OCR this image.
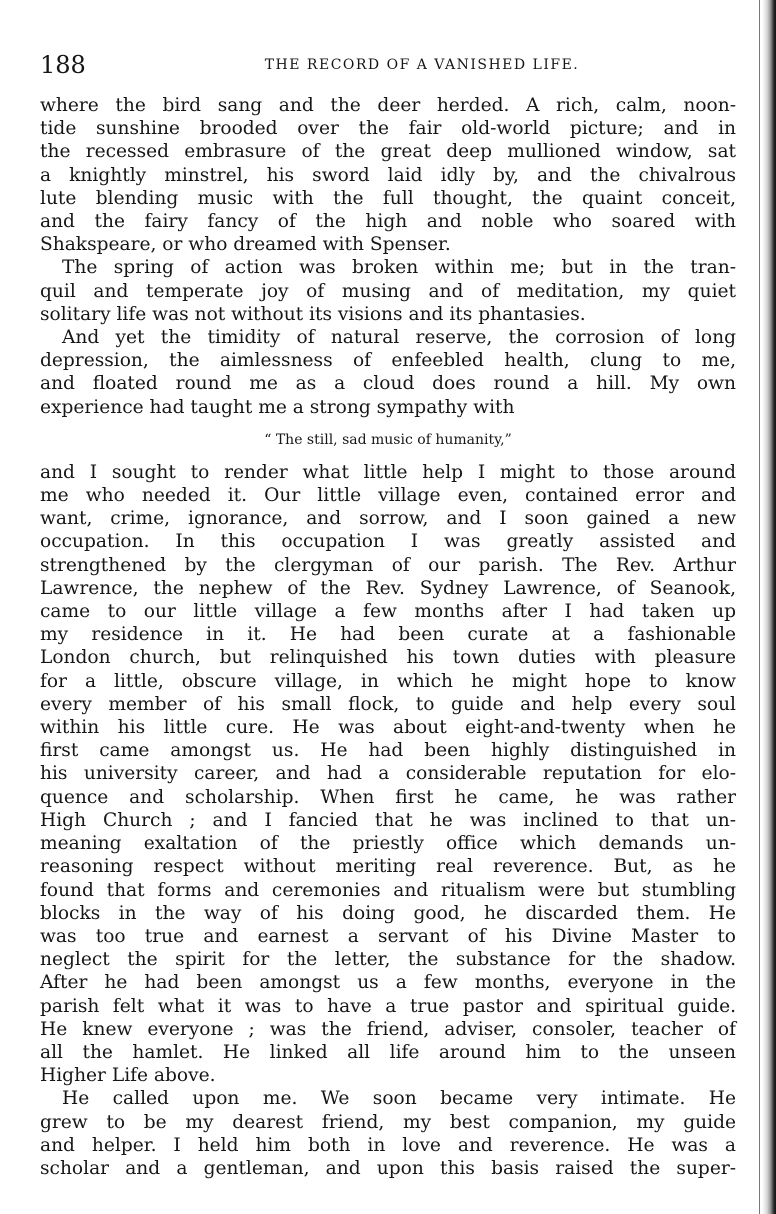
188	THE RECORD OF A VANISHED LIFE.

where the bird sang and the deer herded. A rich, calm, noon-
tide sunshine brooded over the fair old-world picture; and in
the recessed embrasure of the great deep mullioned window, sat
a knightly minstrel, his sword laid idly by, and the chivalrous
lute blending music with the full thought, the quaint conceit,
and the fairy fancy of the high and noble who soared with
Shakspeare, or who dreamed with Spenser.

The spring of action was broken within me; but in the tran-
quil and temperate joy of musing and of meditation, my quiet
solitary life was not without its visions and its phantasies.

And yet the timidity of natural reserve, the corrosion of long
depression, the aimlessness of enfeebled health, clung to me,
and floated round me as a cloud does round a hill. My own
experience had taught me a strong sympathy with

“ The still, sad music of humanity,”

and I sought to render what little help I might to those around
me who needed it. Our little village even, contained error and
want, crime, ignorance, and sorrow, and I soon gained a new
occupation. In this occupation I was greatly assisted and
strengthened by the clergyman of our parish. The Rev. Arthur
Lawrence, the nephew of the Rev. Sydney Lawrence, of Seanook,
came to our little village a few months after I had taken up
my residence in it. He had been curate at a fashionable
London church, but relinquished his town duties with pleasure
for a little, obscure village, in which he might hope to know
every member of his small flock, to guide and help every soul
within his little cure. He was about eight-and-twenty when he
first came amongst us. He had been highly distinguished in
his university career, and had a considerable reputation for elo-
quence and scholarship. When first he came, he was rather
High Church ; and I fancied that he was inclined to that un-
meaning exaltation of the priestly office which demands un-
reasoning respect without meriting real reverence. But, as he
found that forms and ceremonies and ritualism were but stumbling
blocks in the way of his doing good, he discarded them. He
was too true and earnest a servant of his Divine Master to
neglect the spirit for the letter, the substance for the shadow.
After he had been amongst us a few months, everyone in the
parish felt what it was to have a true pastor and spiritual guide.
He knew everyone ; was the friend, adviser, consoler, teacher of
all the hamlet. He linked all life around him to the unseen
Higher Life above.

He called upon me. We soon became very intimate. He
grew to be my dearest friend, my best companion, my guide
and helper. I held him both in love and reverence. He was a
scholar and a gentleman, and upon this basis raised the super-
